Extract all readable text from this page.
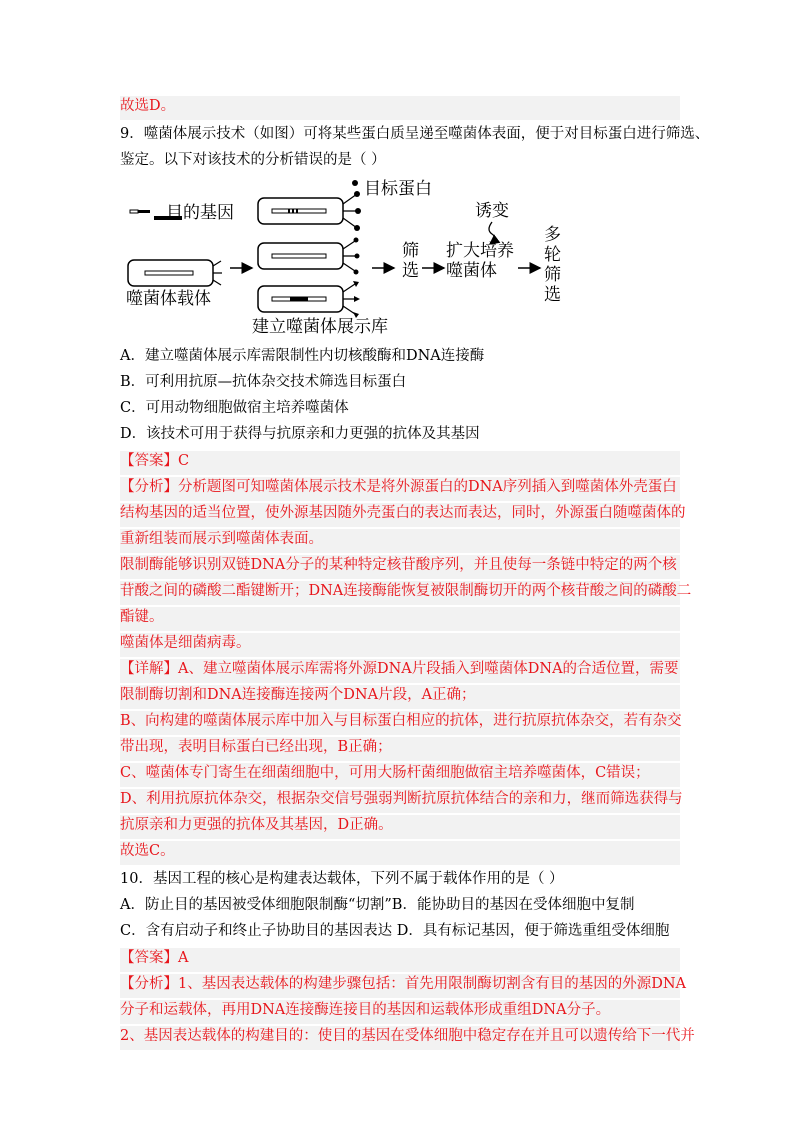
故选D。
9．噬菌体展示技术（如图）可将某些蛋白质呈递至噬菌体表面，便于对目标蛋白进行筛选、
鉴定。以下对该技术的分析错误的是（ ）
目的基因
噬菌体载体
目标蛋白
建立噬菌体展示库
筛
选
诱变
扩大培养
噬菌体
多
轮
筛
选
A．建立噬菌体展示库需限制性内切核酸酶和DNA连接酶
B．可利用抗原—抗体杂交技术筛选目标蛋白
C．可用动物细胞做宿主培养噬菌体
D．该技术可用于获得与抗原亲和力更强的抗体及其基因
【答案】C
【分析】分析题图可知噬菌体展示技术是将外源蛋白的DNA序列插入到噬菌体外壳蛋白
结构基因的适当位置，使外源基因随外壳蛋白的表达而表达，同时，外源蛋白随噬菌体的
重新组装而展示到噬菌体表面。
限制酶能够识别双链DNA分子的某种特定核苷酸序列，并且使每一条链中特定的两个核
苷酸之间的磷酸二酯键断开；DNA连接酶能恢复被限制酶切开的两个核苷酸之间的磷酸二
酯键。
噬菌体是细菌病毒。
【详解】A、建立噬菌体展示库需将外源DNA片段插入到噬菌体DNA的合适位置，需要
限制酶切割和DNA连接酶连接两个DNA片段，A正确；
B、向构建的噬菌体展示库中加入与目标蛋白相应的抗体，进行抗原抗体杂交，若有杂交
带出现，表明目标蛋白已经出现，B正确；
C、噬菌体专门寄生在细菌细胞中，可用大肠杆菌细胞做宿主培养噬菌体，C错误；
D、利用抗原抗体杂交，根据杂交信号强弱判断抗原抗体结合的亲和力，继而筛选获得与
抗原亲和力更强的抗体及其基因，D正确。
故选C。
10．基因工程的核心是构建表达载体，下列不属于载体作用的是（ ）
A．防止目的基因被受体细胞限制酶“切割”B．能协助目的基因在受体细胞中复制
C．含有启动子和终止子协助目的基因表达 D．具有标记基因，便于筛选重组受体细胞
【答案】A
【分析】1、基因表达载体的构建步骤包括：首先用限制酶切割含有目的基因的外源DNA
分子和运载体，再用DNA连接酶连接目的基因和运载体形成重组DNA分子。
2、基因表达载体的构建目的：使目的基因在受体细胞中稳定存在并且可以遗传给下一代并
